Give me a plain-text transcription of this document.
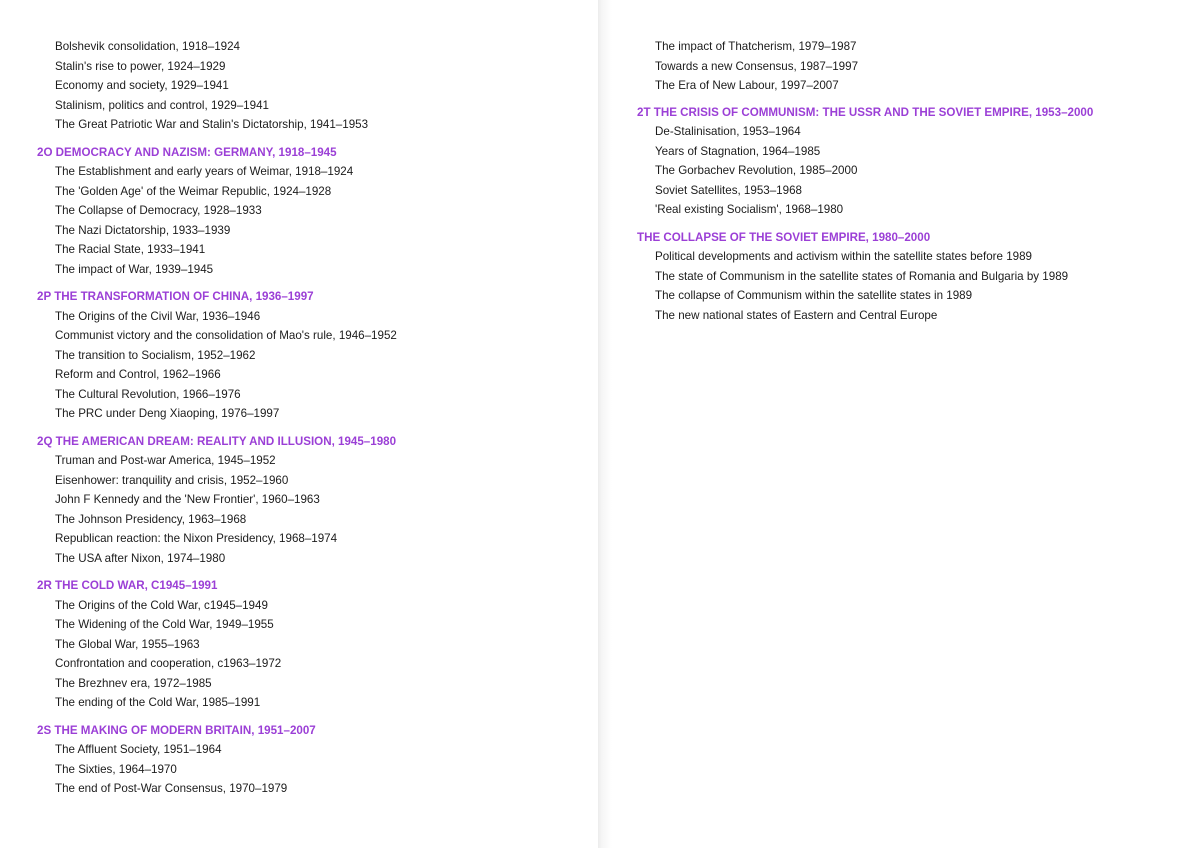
Bolshevik consolidation, 1918–1924
Stalin's rise to power, 1924–1929
Economy and society, 1929–1941
Stalinism, politics and control, 1929–1941
The Great Patriotic War and Stalin's Dictatorship, 1941–1953
2O DEMOCRACY AND NAZISM: GERMANY, 1918–1945
The Establishment and early years of Weimar, 1918–1924
The 'Golden Age' of the Weimar Republic, 1924–1928
The Collapse of Democracy, 1928–1933
The Nazi Dictatorship, 1933–1939
The Racial State, 1933–1941
The impact of War, 1939–1945
2P THE TRANSFORMATION OF CHINA, 1936–1997
The Origins of the Civil War, 1936–1946
Communist victory and the consolidation of Mao's rule, 1946–1952
The transition to Socialism, 1952–1962
Reform and Control, 1962–1966
The Cultural Revolution, 1966–1976
The PRC under Deng Xiaoping, 1976–1997
2Q THE AMERICAN DREAM: REALITY AND ILLUSION, 1945–1980
Truman and Post-war America, 1945–1952
Eisenhower: tranquility and crisis, 1952–1960
John F Kennedy and the 'New Frontier', 1960–1963
The Johnson Presidency, 1963–1968
Republican reaction: the Nixon Presidency, 1968–1974
The USA after Nixon, 1974–1980
2R THE COLD WAR, C1945–1991
The Origins of the Cold War, c1945–1949
The Widening of the Cold War, 1949–1955
The Global War, 1955–1963
Confrontation and cooperation, c1963–1972
The Brezhnev era, 1972–1985
The ending of the Cold War, 1985–1991
2S THE MAKING OF MODERN BRITAIN, 1951–2007
The Affluent Society, 1951–1964
The Sixties, 1964–1970
The end of Post-War Consensus, 1970–1979
The impact of Thatcherism, 1979–1987
Towards a new Consensus, 1987–1997
The Era of New Labour, 1997–2007
2T THE CRISIS OF COMMUNISM: THE USSR AND THE SOVIET EMPIRE, 1953–2000
De-Stalinisation, 1953–1964
Years of Stagnation, 1964–1985
The Gorbachev Revolution, 1985–2000
Soviet Satellites, 1953–1968
'Real existing Socialism', 1968–1980
THE COLLAPSE OF THE SOVIET EMPIRE, 1980–2000
Political developments and activism within the satellite states before 1989
The state of Communism in the satellite states of Romania and Bulgaria by 1989
The collapse of Communism within the satellite states in 1989
The new national states of Eastern and Central Europe
